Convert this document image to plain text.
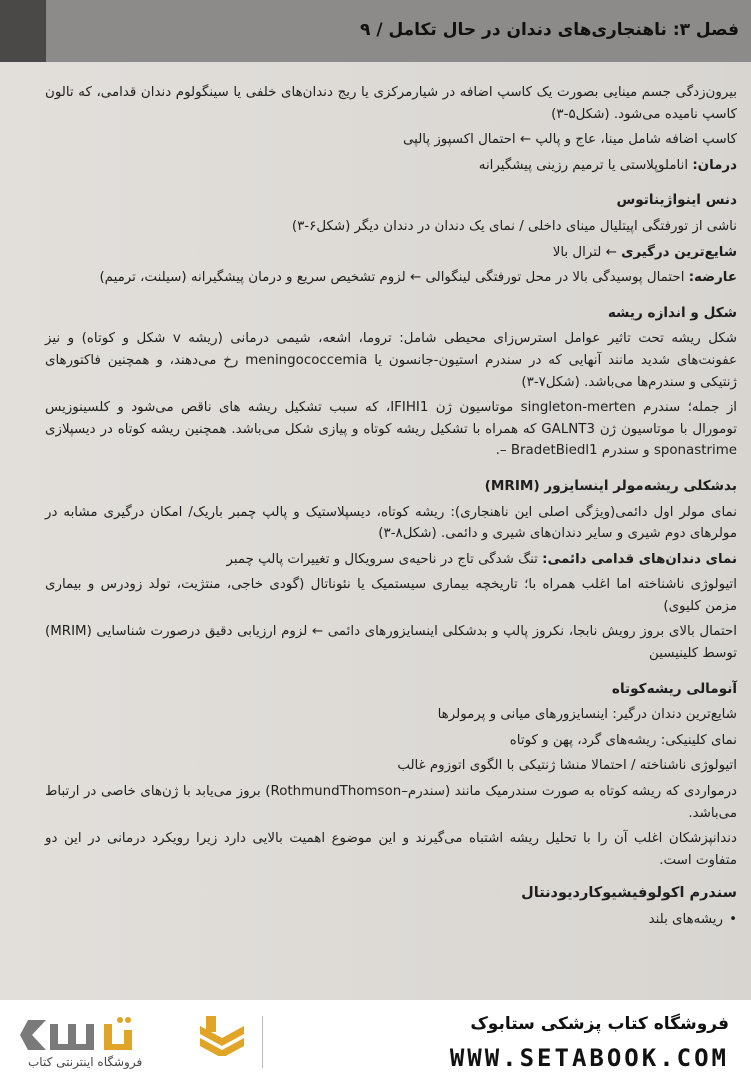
فصل ۳: ناهنجاری‌های دندان در حال تکامل / ۹

بیرون‌زدگی جسم مینایی بصورت یک کاسپ اضافه در شیارمرکزی یا ریج دندان‌های خلفی یا سینگولوم دندان قدامی، که تالون کاسپ نامیده می‌شود. (شکل۵-۳)

کاسپ اضافه شامل مینا، عاج و پالپ ← احتمال اکسپوز پالپی

درمان: اناملوپلاستی یا ترمیم رزینی پیشگیرانه

دنس اینواژیناتوس

ناشی از تورفتگی اپیتلیال مینای داخلی / نمای یک دندان در دندان دیگر (شکل۶-۳)

شایع‌ترین درگیری ← لترال بالا

عارضه: احتمال پوسیدگی بالا در محل تورفتگی لینگوالی ← لزوم تشخیص سریع و درمان پیشگیرانه (سیلنت، ترمیم)

شکل و اندازه ریشه

شکل ریشه تحت تاثیر عوامل استرس‌زای محیطی شامل: تروما، اشعه، شیمی درمانی (ریشه v شکل و کوتاه) و نیز عفونت‌های شدید مانند آنهایی که در سندرم استیون-جانسون یا meningococcemia رخ می‌دهند، و همچنین فاکتورهای ژنتیکی و سندرم‌ها می‌باشد. (شکل۷-۳)

از جمله؛ سندرم singleton-merten موتاسیون ژن IFIHI1، که سبب تشکیل ریشه های ناقص می‌شود و کلسینوزیس تومورال با موتاسیون ژن GALNT3 که همراه با تشکیل ریشه کوتاه و پیازی شکل می‌باشد. همچنین ریشه کوتاه در دیسپلازی sponastrime و سندرم BradetBiedl1 –.

بدشکلی ریشه‌مولر اینسایزور (MRIM)

نمای مولر اول دائمی(ویژگی اصلی این ناهنجاری): ریشه کوتاه، دیسپلاستیک و پالپ چمبر باریک/ امکان درگیری مشابه در مولرهای دوم شیری و سایر دندان‌های شیری و دائمی. (شکل۸-۳)

نمای دندان‌های قدامی دائمی: تنگ شدگی تاج در ناحیه‌ی سرویکال و تغییرات پالپ چمبر

اتیولوژی ناشناخته اما اغلب همراه با؛ تاریخچه بیماری سیستمیک یا نئوناتال (گودی خاجی، منتژیت، تولد زودرس و بیماری مزمن کلیوی)

احتمال بالای بروز رویش نابجا، نکروز پالپ و بدشکلی اینسایزورهای دائمی ← لزوم ارزیابی دقیق درصورت شناسایی (MRIM) توسط کلینیسین

آنومالی ریشه‌کوتاه

شایع‌ترین دندان درگیر: اینسایزورهای میانی و پرمولرها

نمای کلینیکی: ریشه‌های گرد، پهن و کوتاه

اتیولوژی ناشناخته / احتمالا منشا ژنتیکی با الگوی اتوزوم غالب

درمواردی که ریشه کوتاه به صورت سندرمیک مانند (سندرم–RothmundThomson) بروز می‌یابد با ژن‌های خاصی در ارتباط می‌باشد.

دندانپزشکان اغلب آن را با تحلیل ریشه اشتباه می‌گیرند و این موضوع اهمیت بالایی دارد زیرا رویکرد درمانی در این دو متفاوت است.

سندرم اکولوفیشیوکاردیودنتال

• ریشه‌های بلند

فروشگاه اینترنتی کتاب
فروشگاه کتاب پزشکی ستابوک
WWW.SETABOOK.COM
